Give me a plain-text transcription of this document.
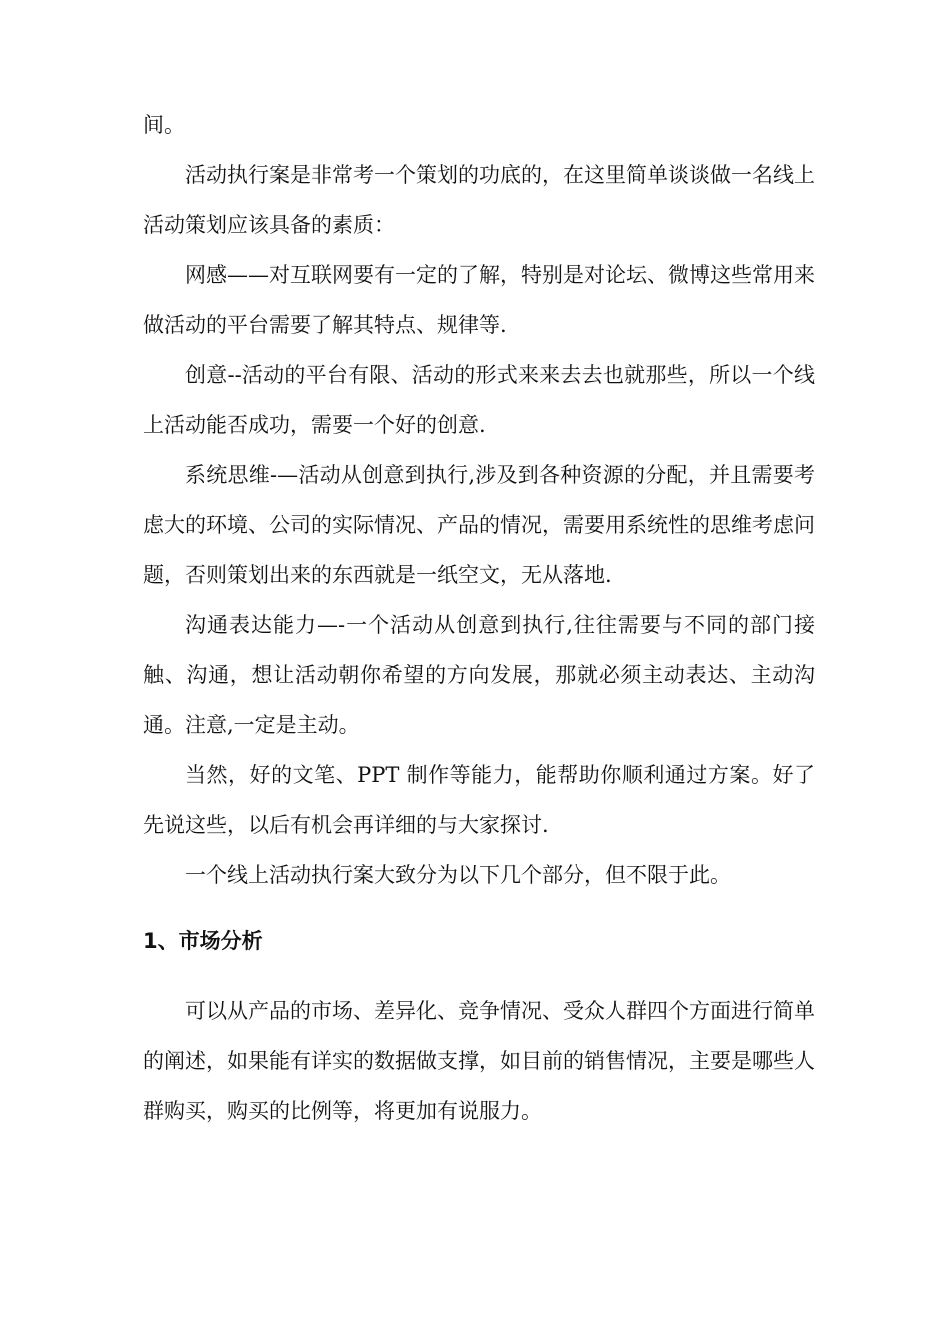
间。

活动执行案是非常考一个策划的功底的，在这里简单谈谈做一名线上活动策划应该具备的素质：

网感——对互联网要有一定的了解，特别是对论坛、微博这些常用来做活动的平台需要了解其特点、规律等.

创意--活动的平台有限、活动的形式来来去去也就那些，所以一个线上活动能否成功，需要一个好的创意.

系统思维-—活动从创意到执行,涉及到各种资源的分配，并且需要考虑大的环境、公司的实际情况、产品的情况，需要用系统性的思维考虑问题，否则策划出来的东西就是一纸空文，无从落地.

沟通表达能力—-一个活动从创意到执行,往往需要与不同的部门接触、沟通，想让活动朝你希望的方向发展，那就必须主动表达、主动沟通。注意,一定是主动。

当然，好的文笔、PPT 制作等能力，能帮助你顺利通过方案。好了先说这些，以后有机会再详细的与大家探讨.

一个线上活动执行案大致分为以下几个部分，但不限于此。

1、市场分析

可以从产品的市场、差异化、竞争情况、受众人群四个方面进行简单的阐述，如果能有详实的数据做支撑，如目前的销售情况，主要是哪些人群购买，购买的比例等，将更加有说服力。
